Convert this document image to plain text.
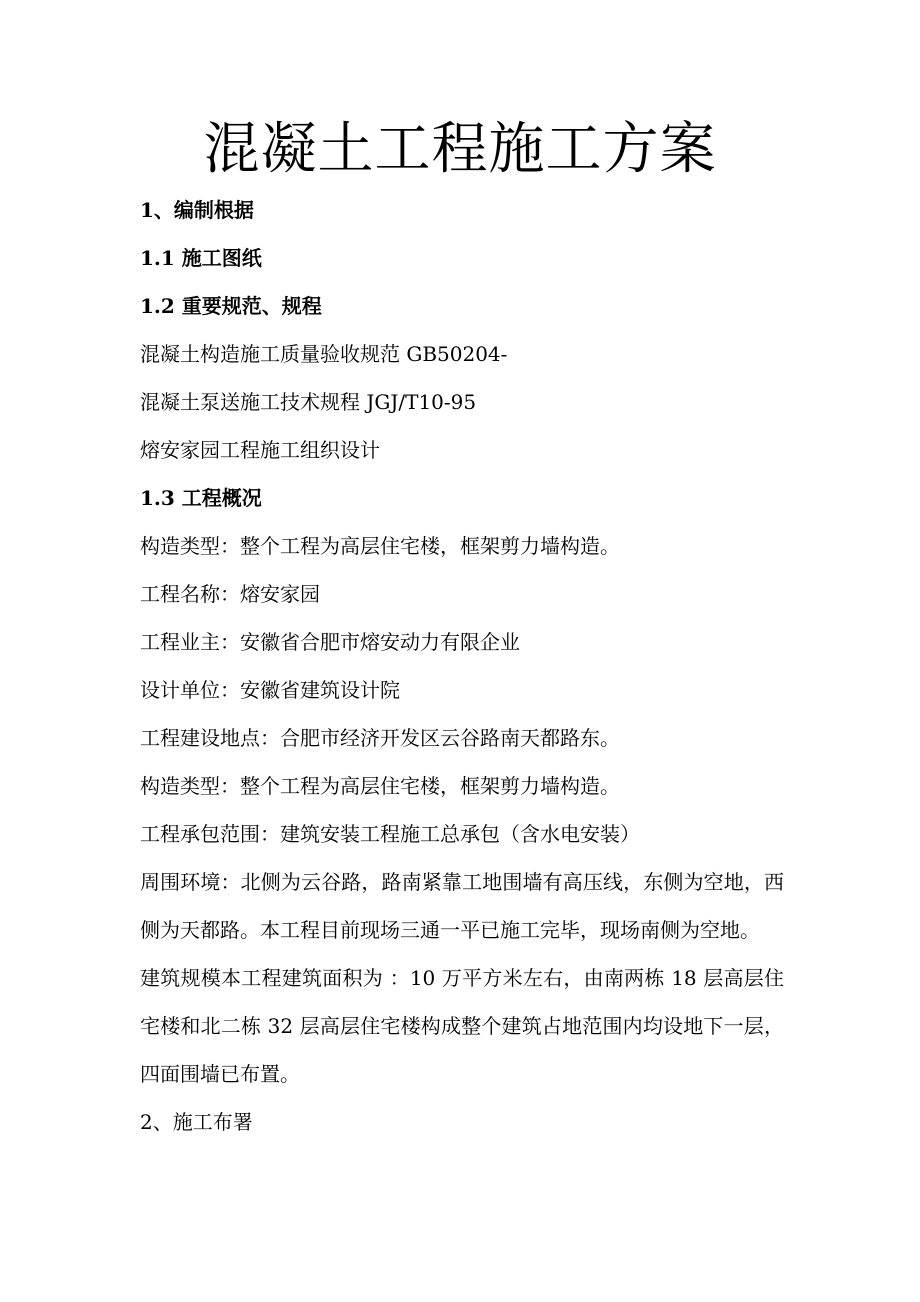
混凝土工程施工方案

1、编制根据

1.1 施工图纸

1.2 重要规范、规程

混凝土构造施工质量验收规范 GB50204-

混凝土泵送施工技术规程 JGJ/T10-95

熔安家园工程施工组织设计

1.3 工程概况

构造类型：整个工程为高层住宅楼，框架剪力墙构造。

工程名称：熔安家园

工程业主：安徽省合肥市熔安动力有限企业

设计单位：安徽省建筑设计院

工程建设地点：合肥市经济开发区云谷路南天都路东。

构造类型：整个工程为高层住宅楼，框架剪力墙构造。

工程承包范围：建筑安装工程施工总承包（含水电安装）

周围环境：北侧为云谷路，路南紧靠工地围墙有高压线，东侧为空地，西侧为天都路。本工程目前现场三通一平已施工完毕，现场南侧为空地。

建筑规模本工程建筑面积为 ：10 万平方米左右，由南两栋 18 层高层住宅楼和北二栋 32 层高层住宅楼构成整个建筑占地范围内均设地下一层，四面围墙已布置。

2、施工布署
